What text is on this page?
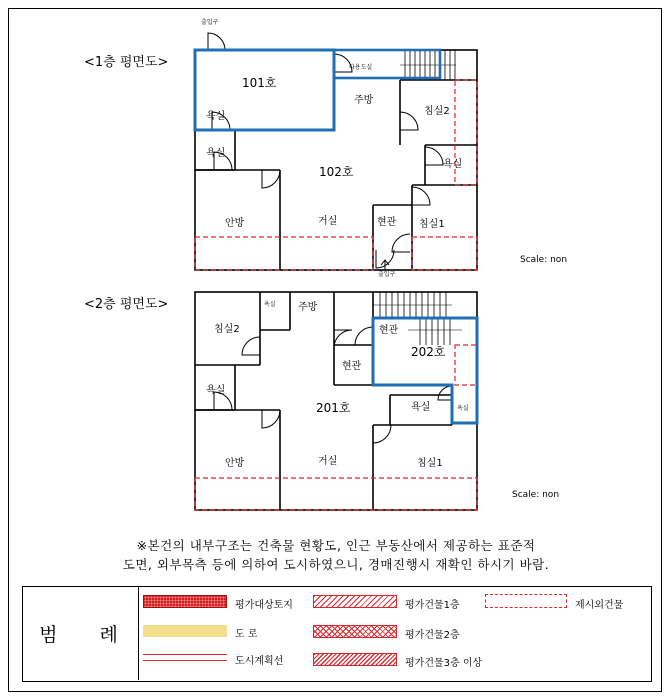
<1층 평면도>
101호
102호
욕실
욕실
욕실
주방
침실2
침실1
안방	거실	현관
출입구
출입구
다용도실
Scale: non
<2층 평면도>
201호
202호
침실2
주방
현관
현관
욕실
욕실
안방	거실	침실1
욕실
욕실
Scale: non
※본건의 내부구조는 건축물 현황도, 인근 부동산에서 제공하는 표준적
도면, 외부목측 등에 의하여 도시하였으니, 경매진행시 재확인 하시기 바람.
범 례
평가대상토지
도 로
도시계획선
평가건물1층
평가건물2층
평가건물3층 이상
제시외건물
